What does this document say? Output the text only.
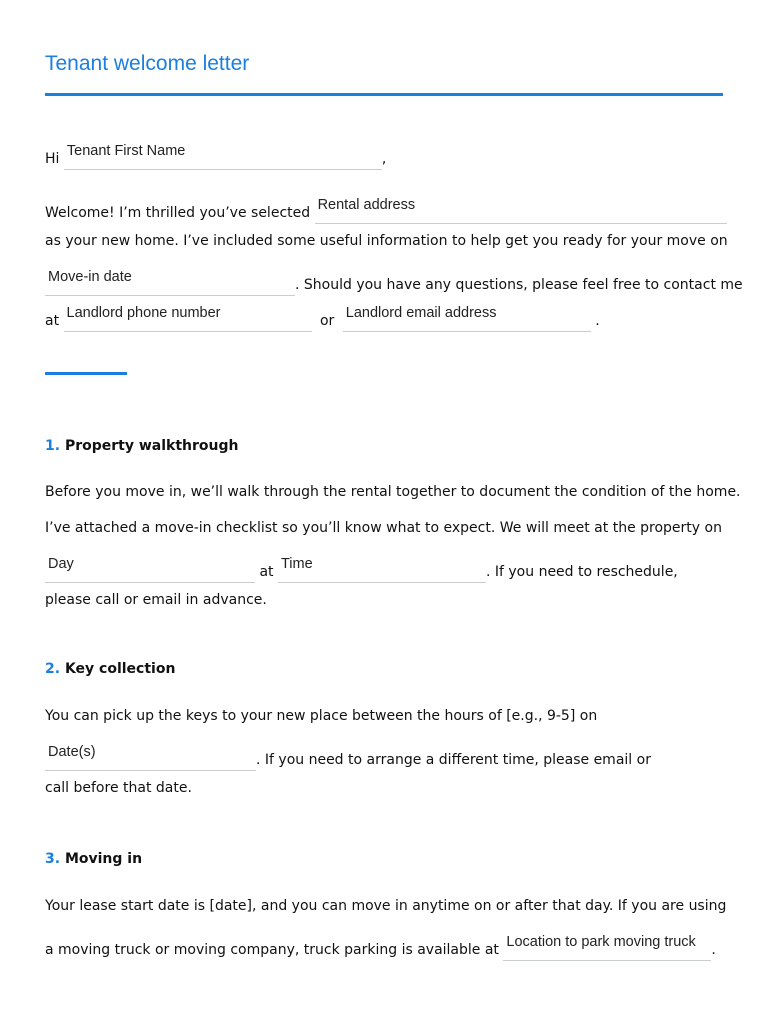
Tenant welcome letter
Hi Tenant First Name	,
Welcome! I’m thrilled you’ve selected Rental address
as your new home. I’ve included some useful information to help get you ready for your move on
Move-in date	. Should you have any questions, please feel free to contact me
at Landlord phone number	or Landlord email address	.
1. Property walkthrough
Before you move in, we’ll walk through the rental together to document the condition of the home.
I’ve attached a move-in checklist so you’ll know what to expect. We will meet at the property on
Day	at Time	. If you need to reschedule,
please call or email in advance.
2. Key collection
You can pick up the keys to your new place between the hours of [e.g., 9-5] on
Date(s)	. If you need to arrange a different time, please email or
call before that date.
3. Moving in
Your lease start date is [date], and you can move in anytime on or after that day. If you are using
a moving truck or moving company, truck parking is available at Location to park moving truck .
